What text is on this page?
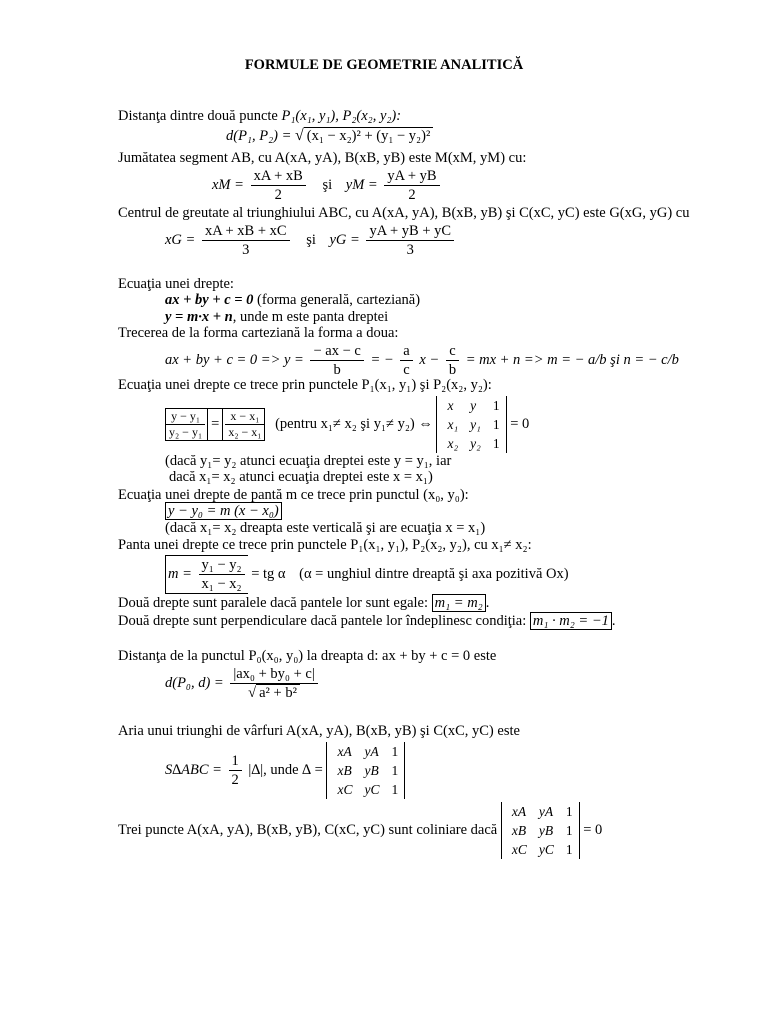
FORMULE DE GEOMETRIE ANALITICĂ
Distanţa dintre două puncte P₁(x₁, y₁), P₂(x₂, y₂):
d(P₁, P₂) = √ (x₁ − x₂)² + (y₁ − y₂)²
Jumătatea segment AB, cu A(xA, yA), B(xB, yB) este M(xM, yM) cu:
xM = $\frac{xA + xB}{2}$ şi yM = $\frac{yA + yB}{2}$
Centrul de greutate al triunghiului ABC, cu A(xA, yA), B(xB, yB) şi C(xC, yC) este G(xG, yG) cu
xG = $\frac{xA + xB + xC}{3}$ şi yG = $\frac{yA + yB + yC}{3}$
Ecuaţia unei drepte:
ax + by + c = 0 (forma generală, carteziană)
y = m·x + n, unde m este panta dreptei
Trecerea de la forma carteziană la forma a doua:
ax + by + $c = 0 => y = \frac{- ax - c}{b}$ = − $\frac{a}{c}$ $x - \frac{c}{b}$ = mx + n => m = − a/b şi n = − c/b
Ecuaţia unei drepte ce trece prin punctele P₁(x₁, y₁) şi P₂(x₂, y₂):
$\frac{\text{y − y₁}}{\text{y₂ − y₁}} = \frac{\text{x − x₁}}{\text{x₂ − x₁}}$ (pentru x₁≠ x₂ şi y₁≠ y₂) ⇔
x	y	1
x₁	y₁	1
x₂	y₂	1
= 0
(dacă y₁= y₂ atunci ecuaţia dreptei este y = y₁, iar
dacă x₁= x₂ atunci ecuaţia dreptei este x = x₁)
Ecuaţia unei drepte de pantă m ce trece prin punctul (x₀, y₀):
y − y₀ = m (x − x₀)
(dacă x₁= x₂ dreapta este verticală şi are ecuaţia x = x₁)
Panta unei drepte ce trece prin punctele P₁(x₁, y₁), P₂(x₂, y₂), cu x₁≠ x₂:
$m = \frac{\text{y₁ − y₂}}{\text{x₁ − x₂}}$ = tg α (α = unghiul dintre dreaptă şi axa pozitivă Ox)
Două drepte sunt paralele dacă pantele lor sunt egale: m₁ = m₂ .
Două drepte sunt perpendiculare dacă pantele lor îndeplinesc condiţia: m₁ · m₂ = −1 .
Distanţa de la punctul P₀(x₀, y₀) la dreapta d: ax + by + c = 0 este
d(P₀, $d) = \frac{\text{|ax₀ + by₀ + c|}}{\text{√ a² + b²}}$
Aria unui triunghi de vârfuri A(xA, yA), B(xB, yB) şi C(xC, yC) este
$S\Delta ABC = \frac{1}{2}$ |∆|, unde ∆ =
xA	yA	1
xB	yB	1
xC	yC	1
Trei puncte A(xA, yA), B(xB, yB), C(xC, yC) sunt coliniare dacă
xA	yA	1
xB	yB	1
xC	yC	1
= 0
